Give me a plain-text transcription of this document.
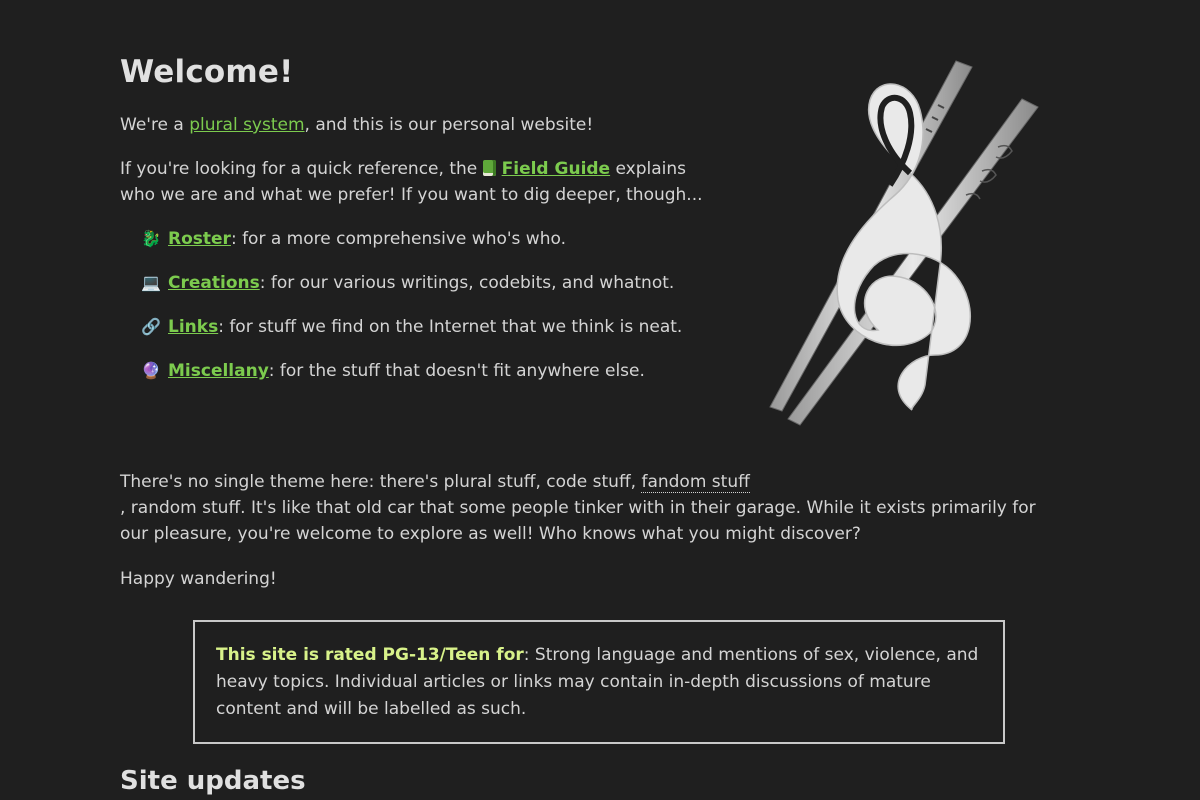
Welcome!

We're a plural system, and this is our personal website!

If you're looking for a quick reference, the Field Guide explains who we are and what we prefer! If you want to dig deeper, though...

🐉 Roster: for a more comprehensive who's who.
💻 Creations: for our various writings, codebits, and whatnot.
🔗 Links: for stuff we find on the Internet that we think is neat.
🔮 Miscellany: for the stuff that doesn't fit anywhere else.

There's no single theme here: there's plural stuff, code stuff, fandom stuff
, random stuff. It's like that old car that some people tinker with in their garage. While it exists primarily for our pleasure, you're welcome to explore as well! Who knows what you might discover?

Happy wandering!

This site is rated PG-13/Teen for: Strong language and mentions of sex, violence, and heavy topics. Individual articles or links may contain in-depth discussions of mature content and will be labelled as such.
Site updates
